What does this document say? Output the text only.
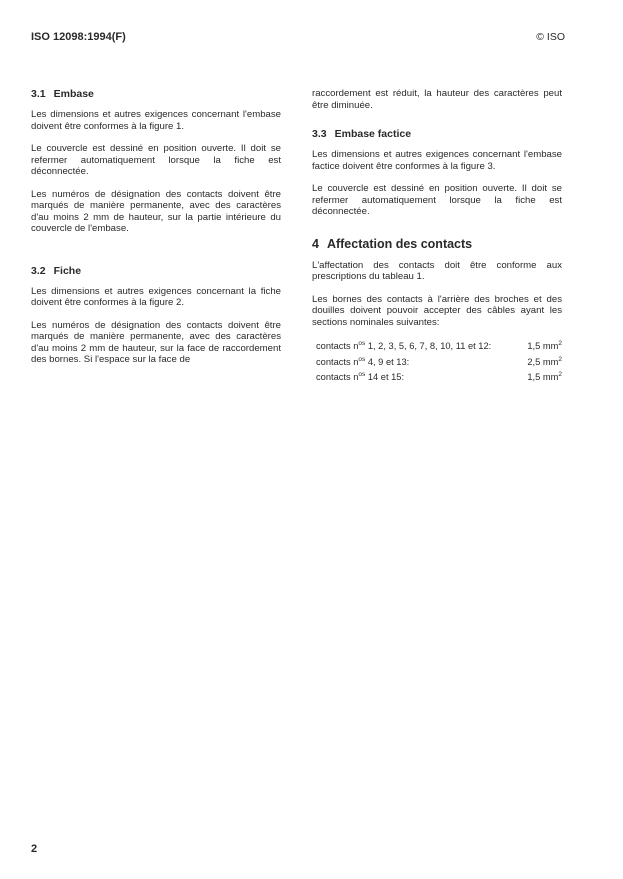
ISO 12098:1994(F)	© ISO
3.1 Embase

Les dimensions et autres exigences concernant l'embase doivent être conformes à la figure 1.

Le couvercle est dessiné en position ouverte. Il doit se refermer automatiquement lorsque la fiche est déconnectée.

Les numéros de désignation des contacts doivent être marqués de manière permanente, avec des caractères d'au moins 2 mm de hauteur, sur la partie intérieure du couvercle de l'embase.

3.2 Fiche

Les dimensions et autres exigences concernant la fiche doivent être conformes à la figure 2.

Les numéros de désignation des contacts doivent être marqués de manière permanente, avec des caractères d'au moins 2 mm de hauteur, sur la face de raccordement des bornes. Si l'espace sur la face de

raccordement est réduit, la hauteur des caractères peut être diminuée.

3.3 Embase factice

Les dimensions et autres exigences concernant l'embase factice doivent être conformes à la figure 3.

Le couvercle est dessiné en position ouverte. Il doit se refermer automatiquement lorsque la fiche est déconnectée.

4 Affectation des contacts

L'affectation des contacts doit être conforme aux prescriptions du tableau 1.

Les bornes des contacts à l'arrière des broches et des douilles doivent pouvoir accepter des câbles ayant les sections nominales suivantes:

contacts $n^{os}$ 1, 2, 3, 5, 6, 7, 8, 10, 11 et 12:	1,5 $mm^2$
contacts $n^{os}$ 4, 9 et 13:	2,5 $mm^2$
contacts $n^{os}$ 14 et 15:	1,5 $mm^2$
2
